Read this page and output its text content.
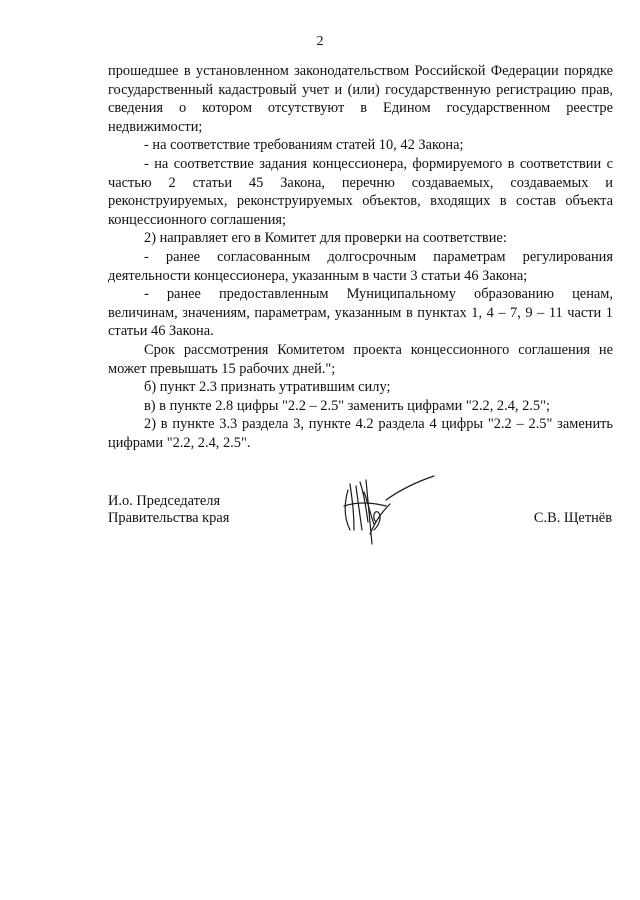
2

прошедшее в установленном законодательством Российской Федерации порядке государственный кадастровый учет и (или) государственную регистрацию прав, сведения о котором отсутствуют в Едином государственном реестре недвижимости;

- на соответствие требованиям статей 10, 42 Закона;

- на соответствие задания концессионера, формируемого в соответствии с частью 2 статьи 45 Закона, перечню создаваемых, создаваемых и реконструируемых, реконструируемых объектов, входящих в состав объекта концессионного соглашения;

2) направляет его в Комитет для проверки на соответствие:

- ранее согласованным долгосрочным параметрам регулирования деятельности концессионера, указанным в части 3 статьи 46 Закона;

- ранее предоставленным Муниципальному образованию ценам, величинам, значениям, параметрам, указанным в пунктах 1, 4 – 7, 9 – 11 части 1 статьи 46 Закона.

Срок рассмотрения Комитетом проекта концессионного соглашения не может превышать 15 рабочих дней.";

б) пункт 2.3 признать утратившим силу;

в) в пункте 2.8 цифры "2.2 – 2.5" заменить цифрами "2.2, 2.4, 2.5";

2) в пункте 3.3 раздела 3, пункте 4.2 раздела 4 цифры "2.2 – 2.5" заменить цифрами "2.2, 2.4, 2.5".

И.о. Председателя
Правительства края	С.В. Щетнёв
